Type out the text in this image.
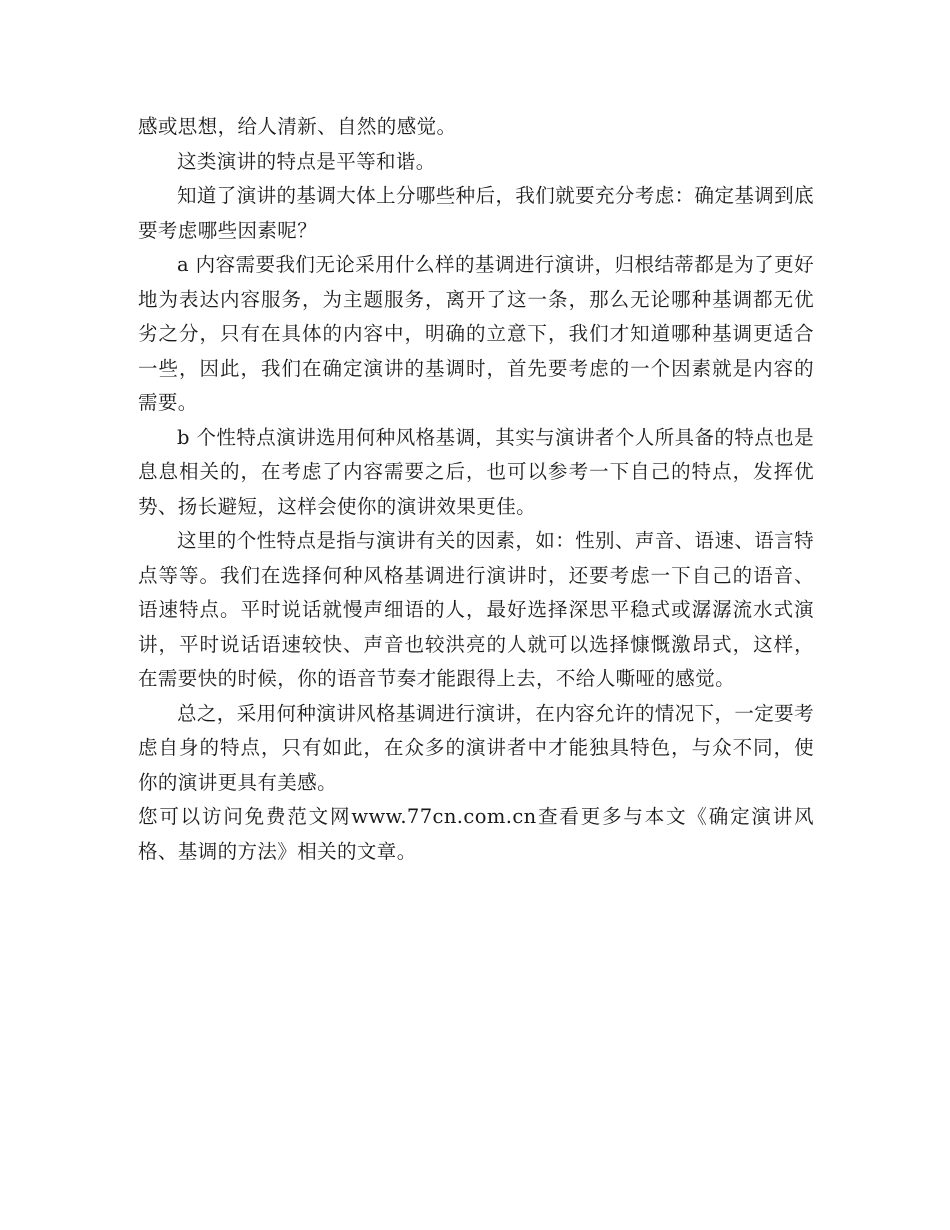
感或思想，给人清新、自然的感觉。

这类演讲的特点是平等和谐。

知道了演讲的基调大体上分哪些种后，我们就要充分考虑：确定基调到底要考虑哪些因素呢？

a 内容需要我们无论采用什么样的基调进行演讲，归根结蒂都是为了更好地为表达内容服务，为主题服务，离开了这一条，那么无论哪种基调都无优劣之分，只有在具体的内容中，明确的立意下，我们才知道哪种基调更适合一些，因此，我们在确定演讲的基调时，首先要考虑的一个因素就是内容的需要。

b 个性特点演讲选用何种风格基调，其实与演讲者个人所具备的特点也是息息相关的，在考虑了内容需要之后，也可以参考一下自己的特点，发挥优势、扬长避短，这样会使你的演讲效果更佳。

这里的个性特点是指与演讲有关的因素，如：性别、声音、语速、语言特点等等。我们在选择何种风格基调进行演讲时，还要考虑一下自己的语音、语速特点。平时说话就慢声细语的人，最好选择深思平稳式或潺潺流水式演讲，平时说话语速较快、声音也较洪亮的人就可以选择慷慨激昂式，这样，在需要快的时候，你的语音节奏才能跟得上去，不给人嘶哑的感觉。

总之，采用何种演讲风格基调进行演讲，在内容允许的情况下，一定要考虑自身的特点，只有如此，在众多的演讲者中才能独具特色，与众不同，使你的演讲更具有美感。

您可以访问免费范文网www.77cn.com.cn查看更多与本文《确定演讲风格、基调的方法》相关的文章。
